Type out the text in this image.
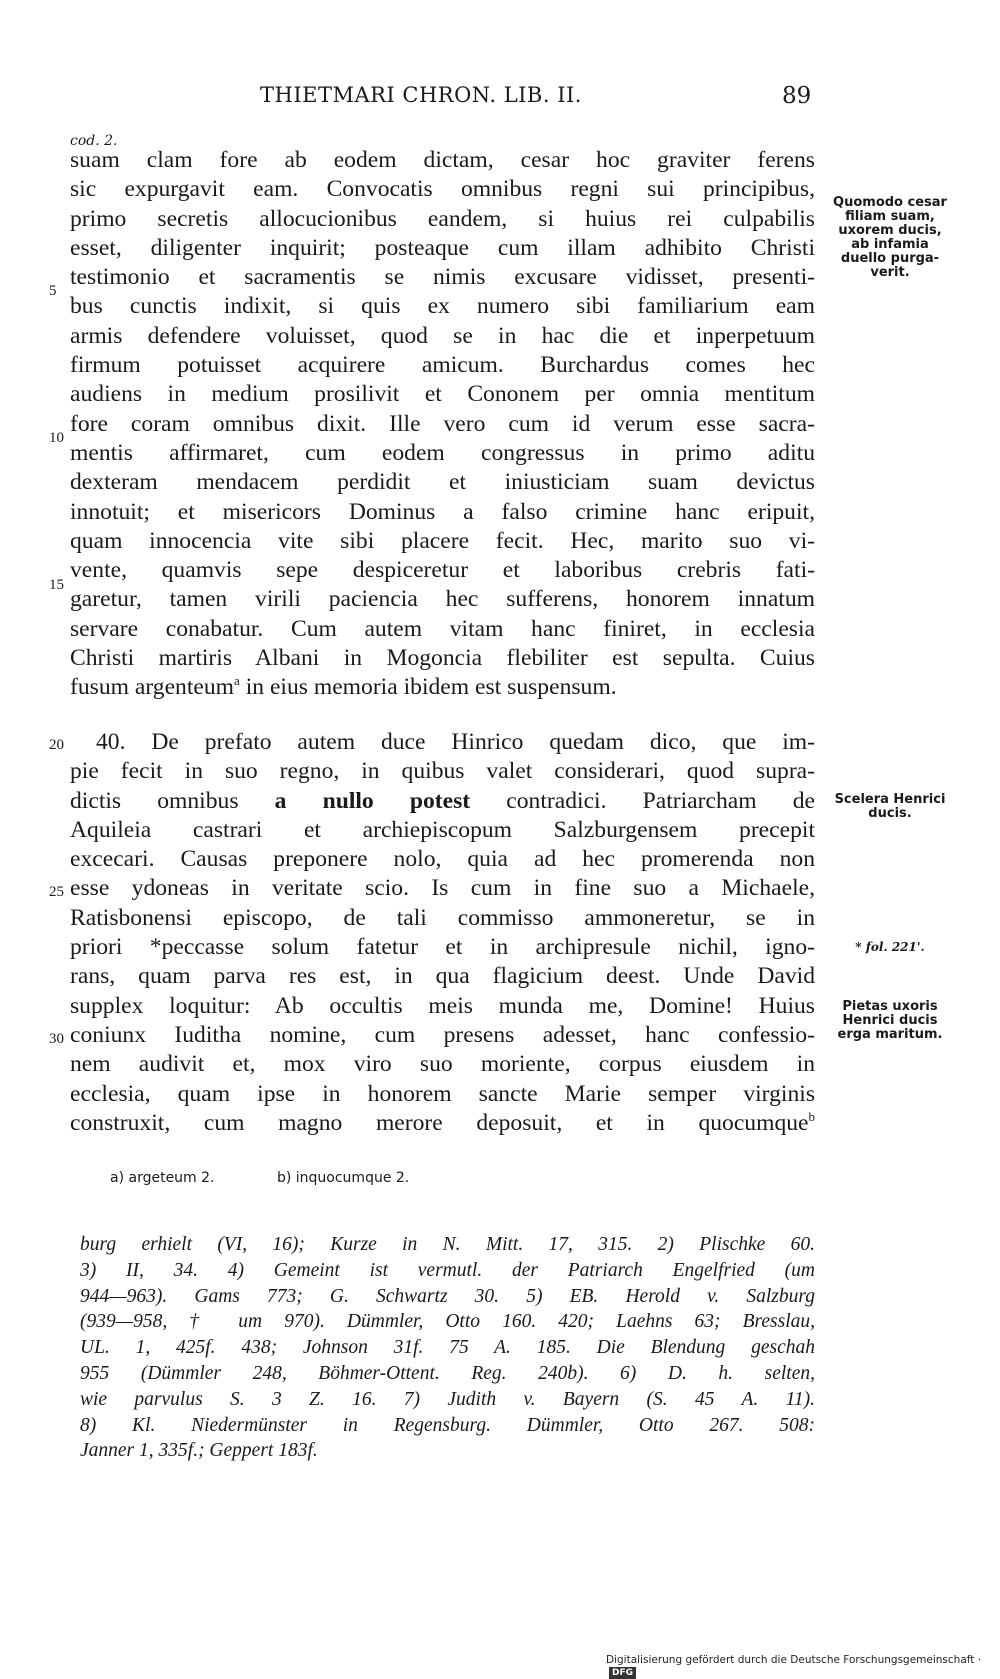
THIETMARI CHRON. LIB. II.	89
cod. 2.
suam clam fore ab eodem dictam, cesar hoc graviter ferens
sic expurgavit eam. Convocatis omnibus regni sui principibus,
primo secretis allocucionibus eandem, si huius rei culpabilis
esset, diligenter inquirit; posteaque cum illam adhibito Christi
testimonio et sacramentis se nimis excusare vidisset, presenti-
bus cunctis indixit, si quis ex numero sibi familiarium eam
armis defendere voluisset, quod se in hac die et inperpetuum
firmum potuisset acquirere amicum. Burchardus comes hec
audiens in medium prosilivit et Cononem per omnia mentitum
fore coram omnibus dixit. Ille vero cum id verum esse sacra-
mentis affirmaret, cum eodem congressus in primo aditu
dexteram mendacem perdidit et iniusticiam suam devictus
innotuit; et misericors Dominus a falso crimine hanc eripuit,
quam innocencia vite sibi placere fecit. Hec, marito suo vi-
vente, quamvis sepe despiceretur et laboribus crebris fati-
garetur, tamen virili paciencia hec sufferens, honorem innatum
servare conabatur. Cum autem vitam hanc finiret, in ecclesia
Christi martiris Albani in Mogoncia flebiliter est sepulta. Cuius
fusum argenteum$^a$ in eius memoria ibidem est suspensum.
40. De prefato autem duce Hinrico quedam dico, que im-
pie fecit in suo regno, in quibus valet considerari, quod supra-
dictis omnibus a nullo potest contradici. Patriarcham de
Aquileia castrari et archiepiscopum Salzburgensem precepit
excecari. Causas preponere nolo, quia ad hec promerenda non
esse ydoneas in veritate scio. Is cum in fine suo a Michaele,
Ratisbonensi episcopo, de tali commisso ammoneretur, se in
priori *peccasse solum fatetur et in archipresule nichil, igno-
rans, quam parva res est, in qua flagicium deest. Unde David
supplex loquitur: Ab occultis meis munda me, Domine! Huius
coniunx Iuditha nomine, cum presens adesset, hanc confessio-
nem audivit et, mox viro suo moriente, corpus eiusdem in
ecclesia, quam ipse in honorem sancte Marie semper virginis
construxit, cum magno merore deposuit, et in quocumque$^b$
5
10
15
20
25
30
Quomodo cesar
filiam suam,
uxorem ducis,
ab infamia
duello purga-
verit.
Scelera Henrici
ducis.
* fol. 221'.
Pietas uxoris
Henrici ducis
erga maritum.
a) argeteum 2.	b) inquocumque 2.
burg erhielt (VI, 16); Kurze in N. Mitt. 17, 315. 2) Plischke 60.
3) II, 34. 4) Gemeint ist vermutl. der Patriarch Engelfried (um
944—963). Gams 773; G. Schwartz 30. 5) EB. Herold v. Salzburg
(939—958, † um 970). Dümmler, Otto 160. 420; Laehns 63; Bresslau,
UL. 1, 425f. 438; Johnson 31f. 75 A. 185. Die Blendung geschah
955 (Dümmler 248, Böhmer-Ottent. Reg. 240b). 6) D. h. selten,
wie parvulus S. 3 Z. 16. 7) Judith v. Bayern (S. 45 A. 11).
8) Kl. Niedermünster in Regensburg. Dümmler, Otto 267. 508:
Janner 1, 335f.; Geppert 183f.
Digitalisierung gefördert durch die Deutsche Forschungsgemeinschaft ·DFG
